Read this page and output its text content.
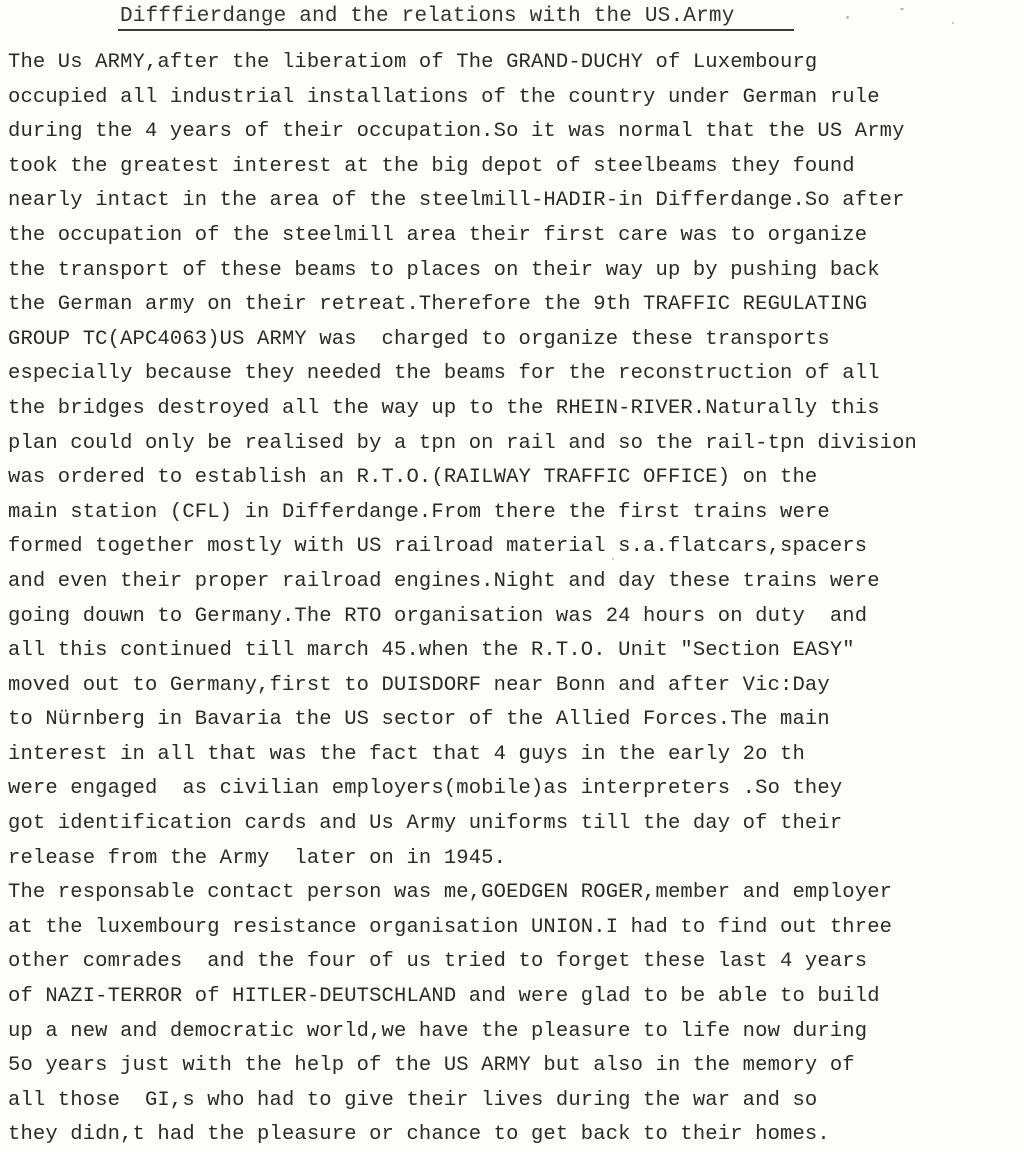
Difffierdange and the relations with the US.Army
The Us ARMY,after the liberatiom of The GRAND-DUCHY of Luxembourg
occupied all industrial installations of the country under German rule
during the 4 years of their occupation.So it was normal that the US Army
took the greatest interest at the big depot of steelbeams they found
nearly intact in the area of the steelmill-HADIR-in Differdange.So after
the occupation of the steelmill area their first care was to organize
the transport of these beams to places on their way up by pushing back
the German army on their retreat.Therefore the 9th TRAFFIC REGULATING
GROUP TC(APC4063)US ARMY was  charged to organize these transports
especially because they needed the beams for the reconstruction of all
the bridges destroyed all the way up to the RHEIN-RIVER.Naturally this
plan could only be realised by a tpn on rail and so the rail-tpn division
was ordered to establish an R.T.O.(RAILWAY TRAFFIC OFFICE) on the
main station (CFL) in Differdange.From there the first trains were
formed together mostly with US railroad material s.a.flatcars,spacers
and even their proper railroad engines.Night and day these trains were
going douwn to Germany.The RTO organisation was 24 hours on duty  and
all this continued till march 45.when the R.T.O. Unit "Section EASY"
moved out to Germany,first to DUISDORF near Bonn and after Vic:Day
to Nürnberg in Bavaria the US sector of the Allied Forces.The main
interest in all that was the fact that 4 guys in the early 2o th
were engaged  as civilian employers(mobile)as interpreters .So they
got identification cards and Us Army uniforms till the day of their
release from the Army  later on in 1945.
The responsable contact person was me,GOEDGEN ROGER,member and employer
at the luxembourg resistance organisation UNION.I had to find out three
other comrades  and the four of us tried to forget these last 4 years
of NAZI-TERROR of HITLER-DEUTSCHLAND and were glad to be able to build
up a new and democratic world,we have the pleasure to life now during
5o years just with the help of the US ARMY but also in the memory of
all those  GI,s who had to give their lives during the war and so
they didn,t had the pleasure or chance to get back to their homes.
